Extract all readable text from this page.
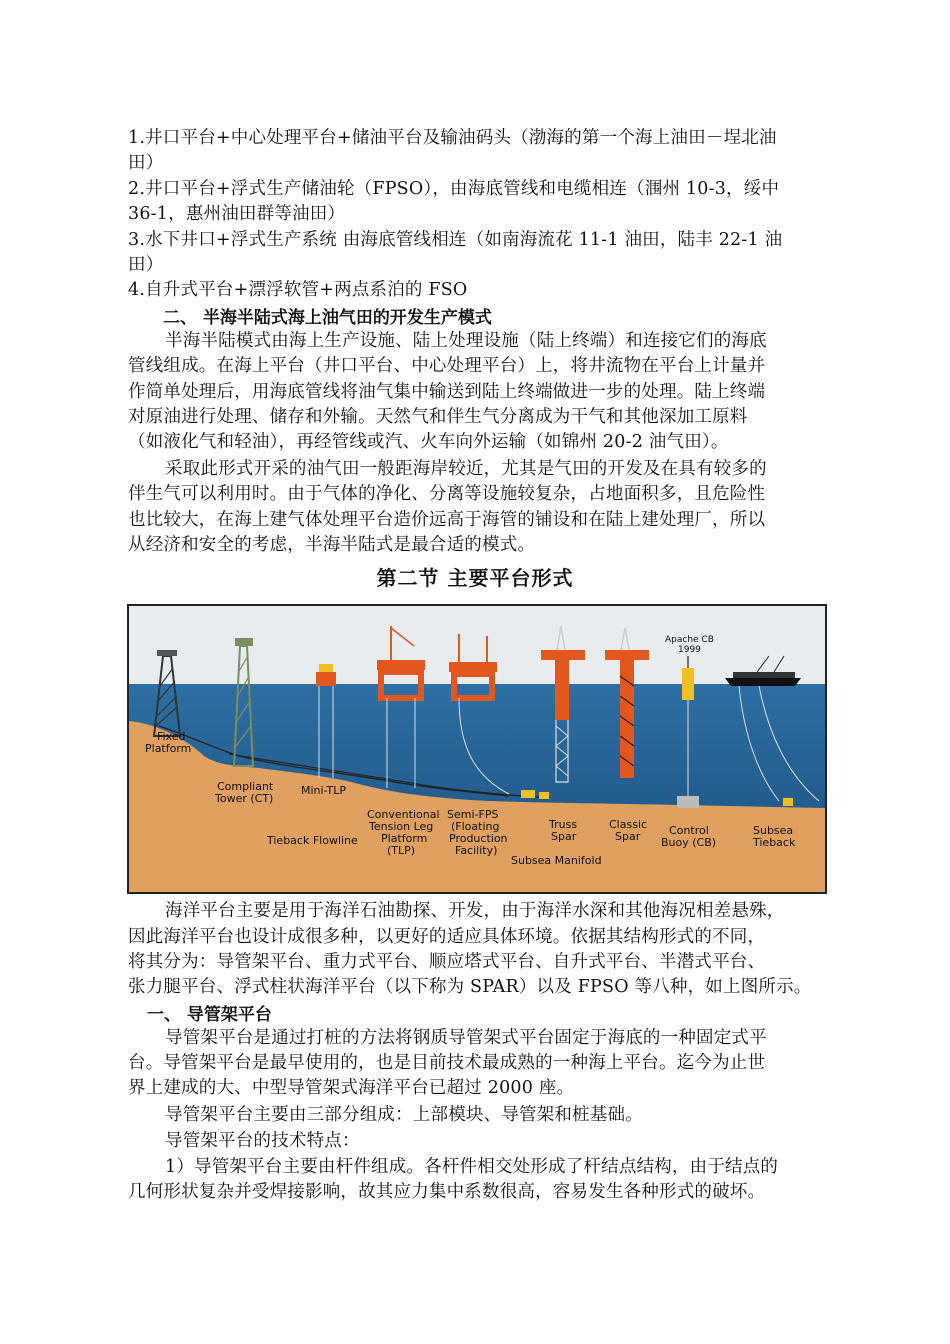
1.井口平台+中心处理平台+储油平台及输油码头（渤海的第一个海上油田－埕北油
田）
2.井口平台+浮式生产储油轮（FPSO），由海底管线和电缆相连（涠州 10-3，绥中
36-1，惠州油田群等油田）
3.水下井口+浮式生产系统 由海底管线相连（如南海流花 11-1 油田，陆丰 22-1 油
田）
4.自升式平台+漂浮软管+两点系泊的 FSO
二、 半海半陆式海上油气田的开发生产模式
半海半陆模式由海上生产设施、陆上处理设施（陆上终端）和连接它们的海底
管线组成。在海上平台（井口平台、中心处理平台）上，将井流物在平台上计量并
作简单处理后，用海底管线将油气集中输送到陆上终端做进一步的处理。陆上终端
对原油进行处理、储存和外输。天然气和伴生气分离成为干气和其他深加工原料
（如液化气和轻油），再经管线或汽、火车向外运输（如锦州 20-2 油气田）。
采取此形式开采的油气田一般距海岸较近，尤其是气田的开发及在具有较多的
伴生气可以利用时。由于气体的净化、分离等设施较复杂，占地面积多，且危险性
也比较大，在海上建气体处理平台造价远高于海管的铺设和在陆上建处理厂，所以
从经济和安全的考虑，半海半陆式是最合适的模式。
第二节 主要平台形式
Apache CB
1999
Fixed
Platform
Compliant
Tower (CT)
Mini-TLP
Tieback Flowline
Conventional
Tension Leg
Platform
(TLP)
Semi-FPS
(Floating
Production
Facility)
Truss
Spar
Classic
Spar	Control
Buoy (CB)
Subsea
Tieback
Subsea Manifold
海洋平台主要是用于海洋石油勘探、开发，由于海洋水深和其他海况相差悬殊，
因此海洋平台也设计成很多种，以更好的适应具体环境。依据其结构形式的不同，
将其分为：导管架平台、重力式平台、顺应塔式平台、自升式平台、半潜式平台、
张力腿平台、浮式柱状海洋平台（以下称为 SPAR）以及 FPSO 等八种，如上图所示。
一、 导管架平台
导管架平台是通过打桩的方法将钢质导管架式平台固定于海底的一种固定式平
台。导管架平台是最早使用的，也是目前技术最成熟的一种海上平台。迄今为止世
界上建成的大、中型导管架式海洋平台已超过 2000 座。
导管架平台主要由三部分组成：上部模块、导管架和桩基础。
导管架平台的技术特点：
1）导管架平台主要由杆件组成。各杆件相交处形成了杆结点结构，由于结点的
几何形状复杂并受焊接影响，故其应力集中系数很高，容易发生各种形式的破坏。
